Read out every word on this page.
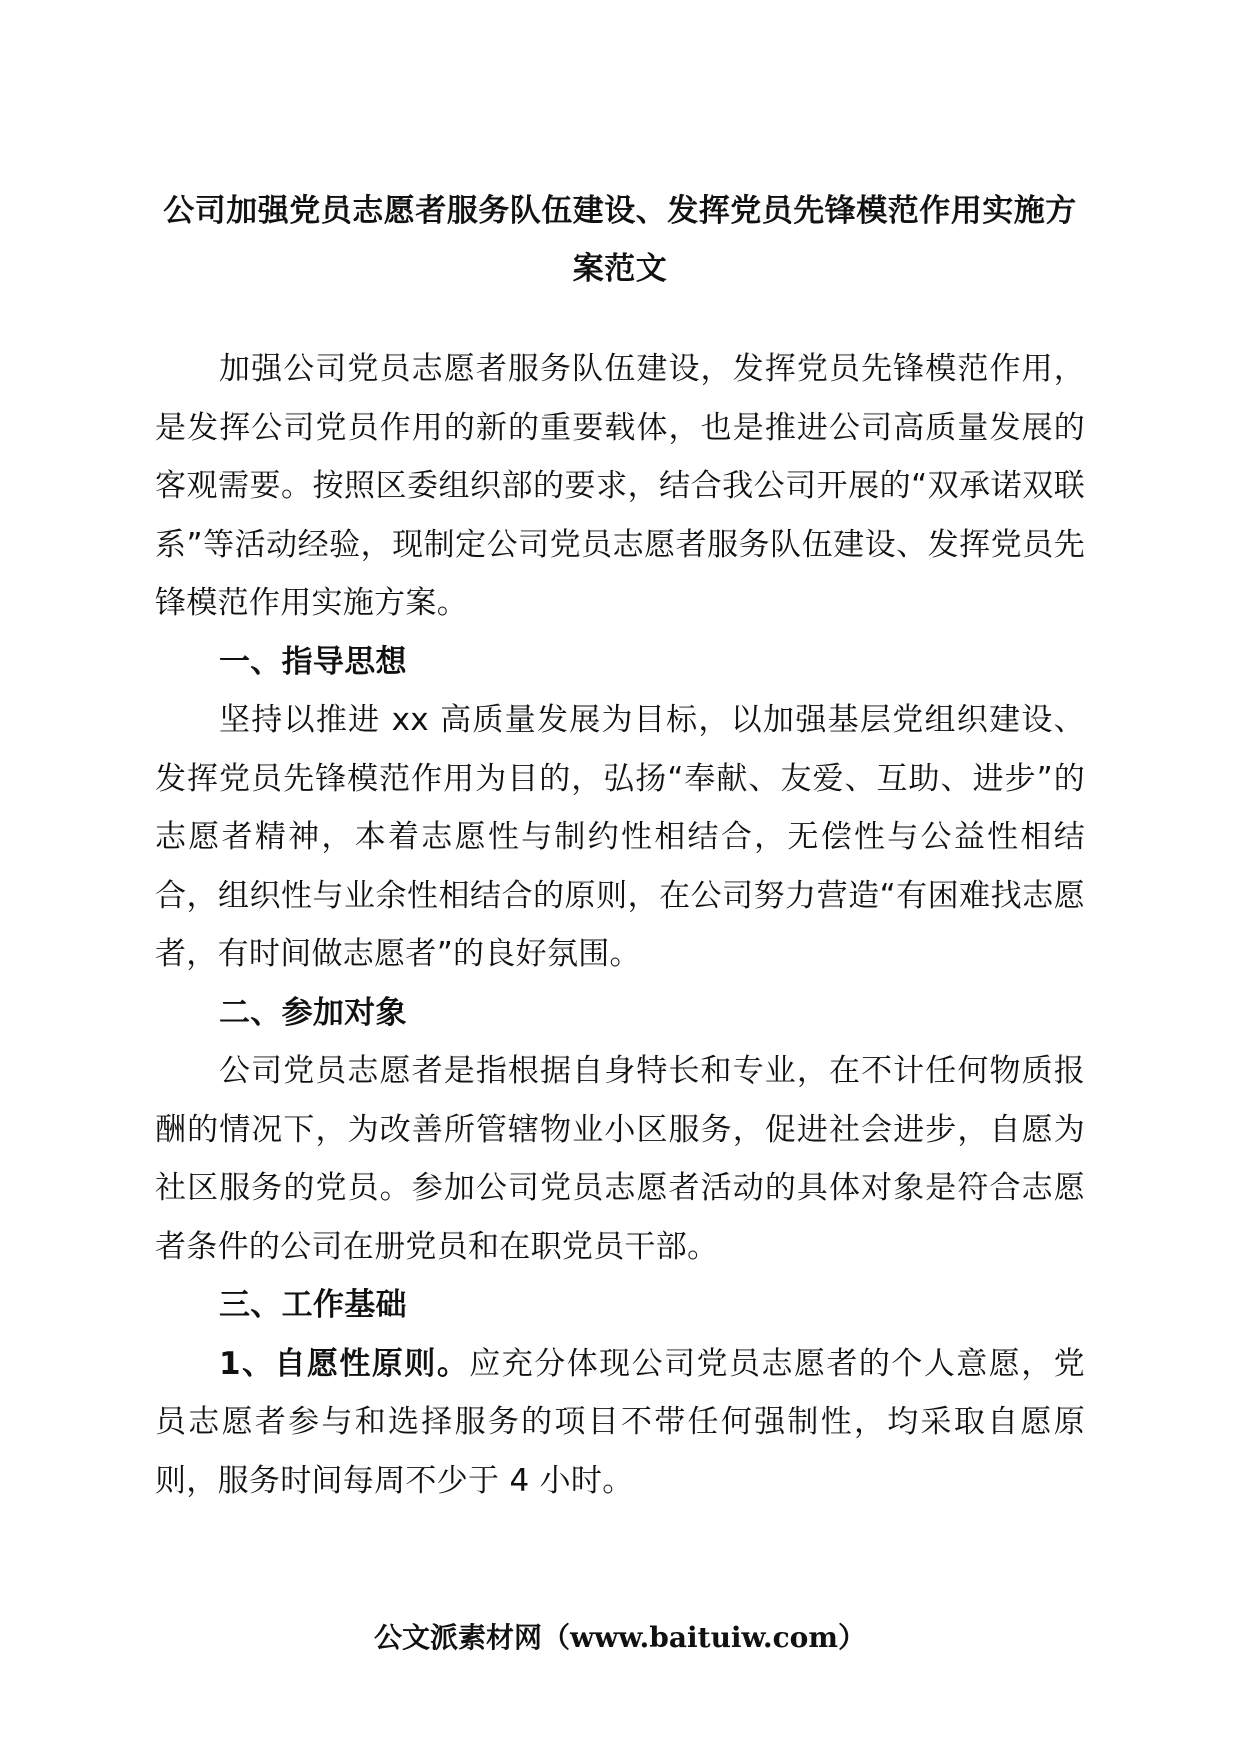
公司加强党员志愿者服务队伍建设、发挥党员先锋模范作用实施方案范文

加强公司党员志愿者服务队伍建设，发挥党员先锋模范作用，是发挥公司党员作用的新的重要载体，也是推进公司高质量发展的客观需要。按照区委组织部的要求，结合我公司开展的“双承诺双联系”等活动经验，现制定公司党员志愿者服务队伍建设、发挥党员先锋模范作用实施方案。

一、指导思想

坚持以推进 xx 高质量发展为目标，以加强基层党组织建设、发挥党员先锋模范作用为目的，弘扬“奉献、友爱、互助、进步”的志愿者精神，本着志愿性与制约性相结合，无偿性与公益性相结合，组织性与业余性相结合的原则，在公司努力营造“有困难找志愿者，有时间做志愿者”的良好氛围。

二、参加对象

公司党员志愿者是指根据自身特长和专业，在不计任何物质报酬的情况下，为改善所管辖物业小区服务，促进社会进步，自愿为社区服务的党员。参加公司党员志愿者活动的具体对象是符合志愿者条件的公司在册党员和在职党员干部。

三、工作基础

1、自愿性原则。应充分体现公司党员志愿者的个人意愿，党员志愿者参与和选择服务的项目不带任何强制性，均采取自愿原则，服务时间每周不少于 4 小时。

公文派素材网（www.baituiw.com）
